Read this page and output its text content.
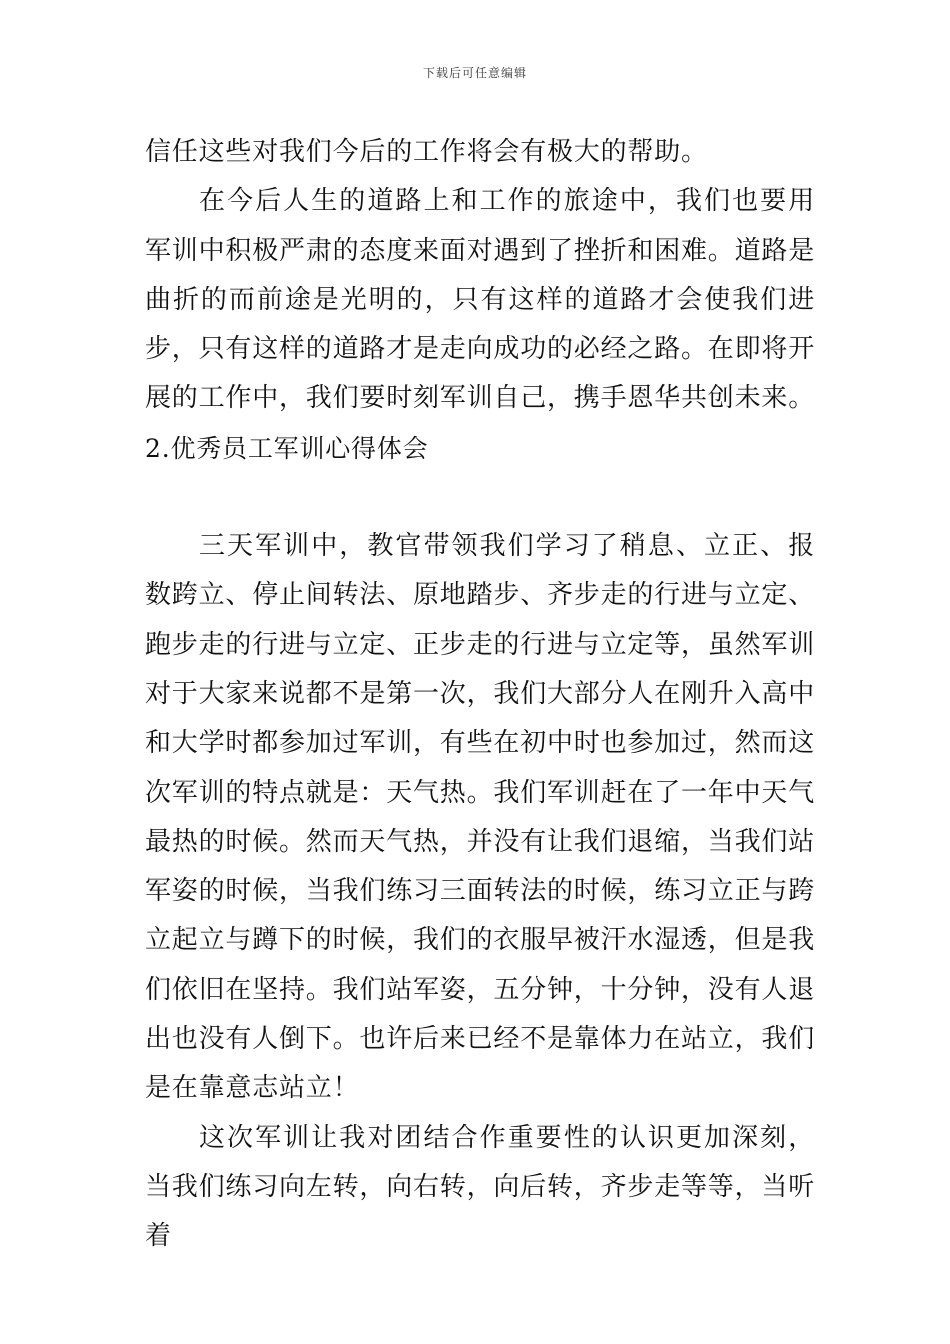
下载后可任意编辑

信任这些对我们今后的工作将会有极大的帮助。

在今后人生的道路上和工作的旅途中，我们也要用军训中积极严肃的态度来面对遇到了挫折和困难。道路是曲折的而前途是光明的，只有这样的道路才会使我们进步，只有这样的道路才是走向成功的必经之路。在即将开展的工作中，我们要时刻军训自己，携手恩华共创未来。

2.优秀员工军训心得体会

三天军训中，教官带领我们学习了稍息、立正、报数跨立、停止间转法、原地踏步、齐步走的行进与立定、跑步走的行进与立定、正步走的行进与立定等，虽然军训对于大家来说都不是第一次，我们大部分人在刚升入高中和大学时都参加过军训，有些在初中时也参加过，然而这次军训的特点就是：天气热。我们军训赶在了一年中天气最热的时候。然而天气热，并没有让我们退缩，当我们站军姿的时候，当我们练习三面转法的时候，练习立正与跨立起立与蹲下的时候，我们的衣服早被汗水湿透，但是我们依旧在坚持。我们站军姿，五分钟，十分钟，没有人退出也没有人倒下。也许后来已经不是靠体力在站立，我们是在靠意志站立！

这次军训让我对团结合作重要性的认识更加深刻，当我们练习向左转，向右转，向后转，齐步走等等，当听着
